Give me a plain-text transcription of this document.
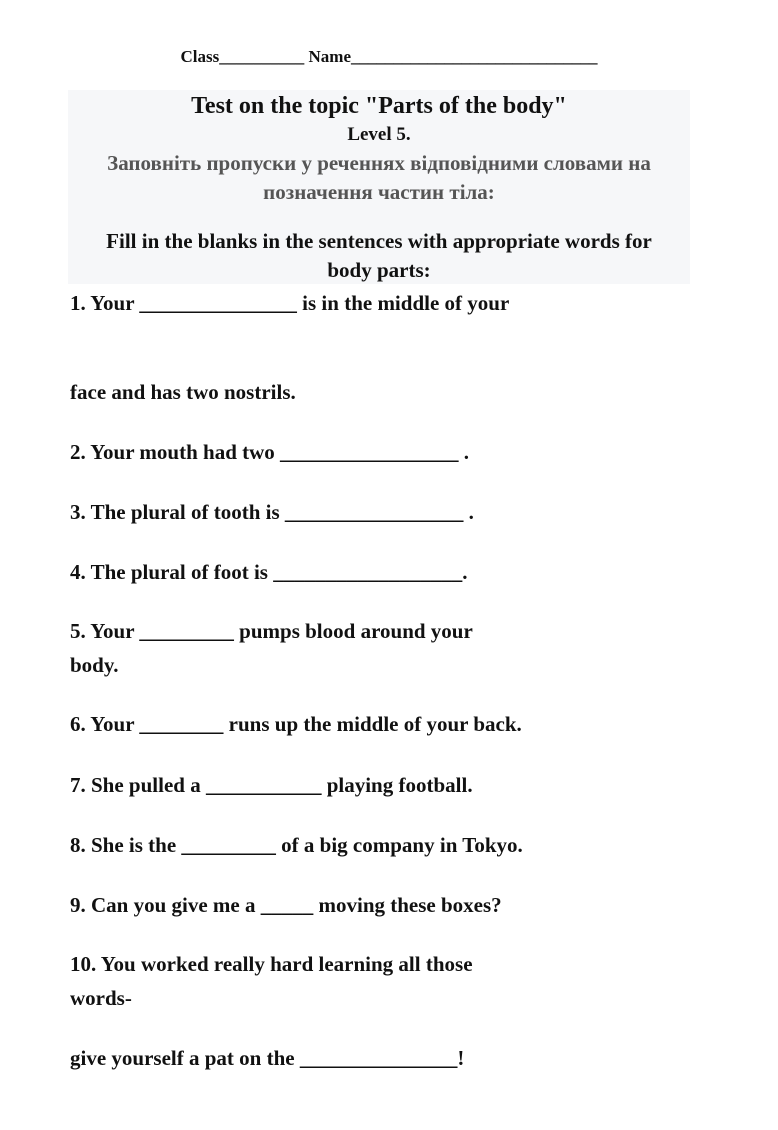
Class__________ Name_____________________________
Test on the topic "Parts of the body"
Level 5.
Заповніть пропуски у реченнях відповідними словами на
позначення частин тіла:
Fill in the blanks in the sentences with appropriate words for
body parts:
1. Your _______________ is in the middle of your
face and has two nostrils.
2. Your mouth had two _________________ .
3. The plural of tooth is _________________ .
4. The plural of foot is __________________.
5. Your _________ pumps blood around your
body.
6. Your ________ runs up the middle of your back.
7. She pulled a ___________ playing football.
8. She is the _________ of a big company in Tokyo.
9. Can you give me a _____ moving these boxes?
10. You worked really hard learning all those
words-
give yourself a pat on the _______________!
